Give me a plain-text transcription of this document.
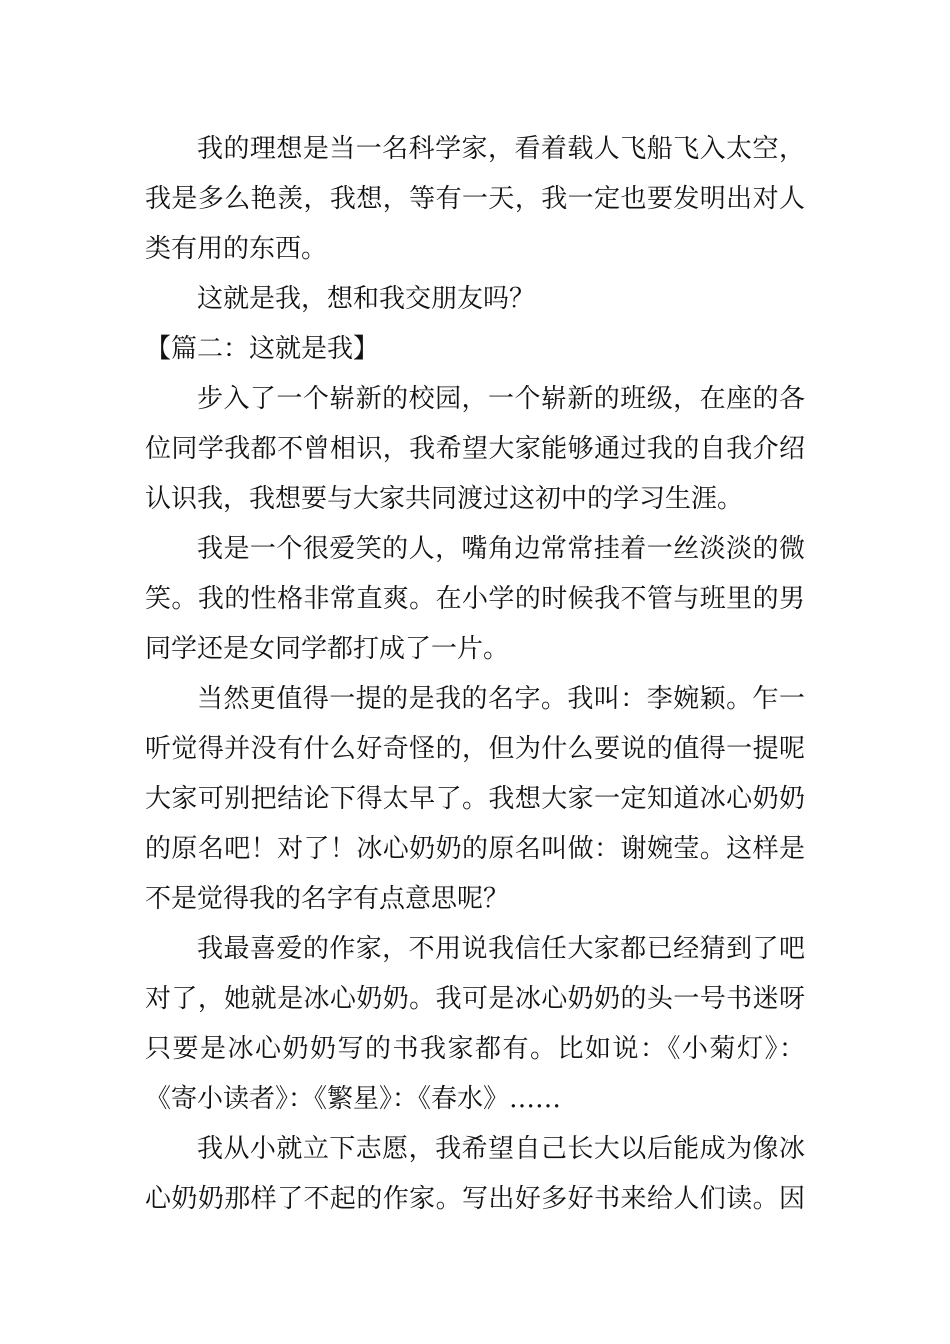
我的理想是当一名科学家，看着载人飞船飞入太空，
我是多么艳羡，我想，等有一天，我一定也要发明出对人
类有用的东西。
这就是我，想和我交朋友吗？
【篇二：这就是我】
步入了一个崭新的校园，一个崭新的班级，在座的各
位同学我都不曾相识，我希望大家能够通过我的自我介绍
认识我，我想要与大家共同渡过这初中的学习生涯。
我是一个很爱笑的人，嘴角边常常挂着一丝淡淡的微
笑。我的性格非常直爽。在小学的时候我不管与班里的男
同学还是女同学都打成了一片。
当然更值得一提的是我的名字。我叫：李婉颖。乍一
听觉得并没有什么好奇怪的，但为什么要说的值得一提呢
大家可别把结论下得太早了。我想大家一定知道冰心奶奶
的原名吧！对了！冰心奶奶的原名叫做：谢婉莹。这样是
不是觉得我的名字有点意思呢？
我最喜爱的作家，不用说我信任大家都已经猜到了吧
对了，她就是冰心奶奶。我可是冰心奶奶的头一号书迷呀
只要是冰心奶奶写的书我家都有。比如说：《小菊灯》：
《寄小读者》：《繁星》：《春水》……
我从小就立下志愿，我希望自己长大以后能成为像冰
心奶奶那样了不起的作家。写出好多好书来给人们读。因
